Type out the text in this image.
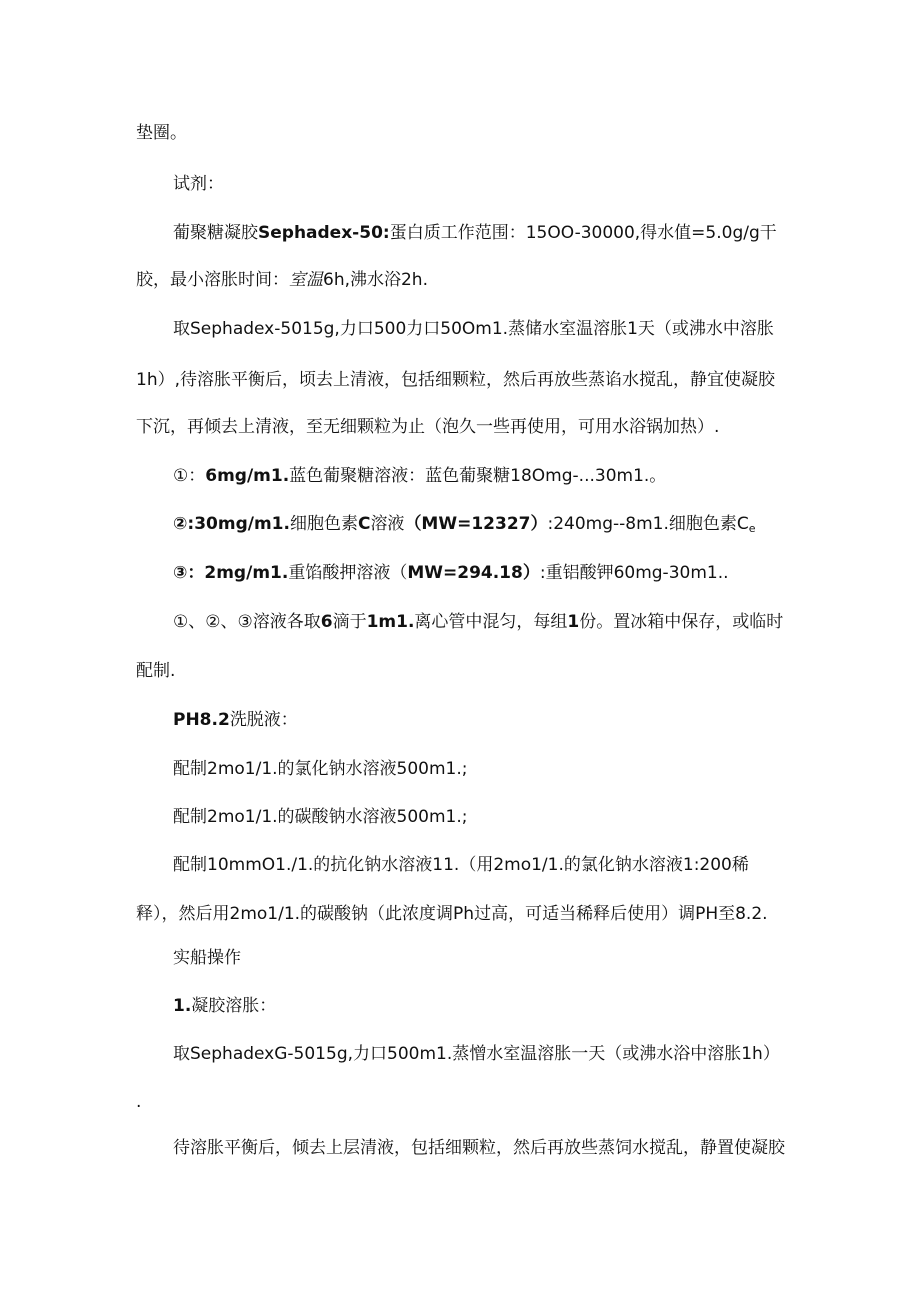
垫圈。
试剂：
葡聚糖凝胶Sephadex-50:蛋白质工作范围：15OO-30000,得水值=5.0g∕g干
胶，最小溶胀时间：室温6h,沸水浴2h.
取Sephadex-5015g,力口500力口50Om1.蒸储水室温溶胀1天（或沸水中溶胀
1h）,待溶胀平衡后，顷去上清液，包括细颗粒，然后再放些蒸谄水搅乱，静宜使凝胶
下沉，再倾去上清液，至无细颗粒为止（泡久一些再使用，可用水浴锅加热）.
①：6mg/m1.蓝色葡聚糖溶液：蓝色葡聚糖18Omg-...30m1.。
②:30mg/m1.细胞色素C溶液（MW=12327）:240mg--8m1.细胞色素$C_e$
③：2mg/m1.重馅酸押溶液（MW=294.18）:重铝酸钾60mg-30m1..
①、②、③溶液各取6滴于1m1.离心管中混匀，每组1份。置冰箱中保存，或临时
配制.
PH8.2洗脱液：
配制2mo1∕1.的氯化钠水溶液500m1.;
配制2mo1∕1.的碳酸钠水溶液500m1.;
配制10mmO1./1.的抗化钠水溶液11.（用2mo1∕1.的氯化钠水溶液1:200稀
释），然后用2mo1∕1.的碳酸钠（此浓度调Ph过高，可适当稀释后使用）调PH至8.2.
实船操作
1.凝胶溶胀：
取SephadexG-5015g,力口500m1.蒸憎水室温溶胀一天（或沸水浴中溶胀1h）
.
待溶胀平衡后，倾去上层清液，包括细颗粒，然后再放些蒸饲水搅乱，静置使凝胶
